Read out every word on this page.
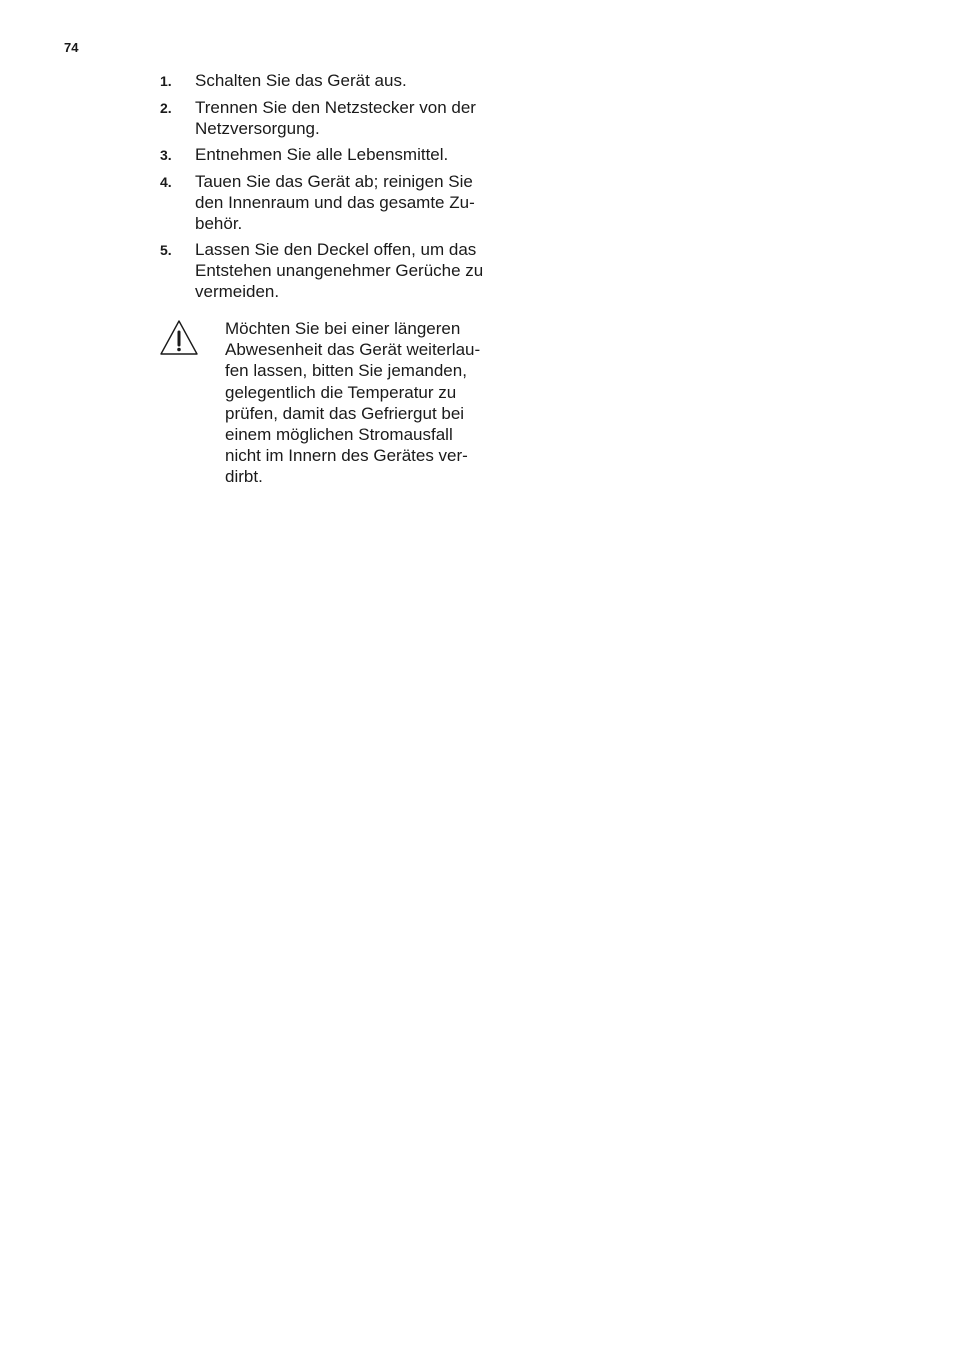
74
1.	Schalten Sie das Gerät aus.
2.	Trennen Sie den Netzstecker von der
Netzversorgung.
3.	Entnehmen Sie alle Lebensmittel.
4.	Tauen Sie das Gerät ab; reinigen Sie
den Innenraum und das gesamte Zu-
behör.
5.	Lassen Sie den Deckel offen, um das
Entstehen unangenehmer Gerüche zu
vermeiden.

Möchten Sie bei einer längeren
Abwesenheit das Gerät weiterlau-
fen lassen, bitten Sie jemanden,
gelegentlich die Temperatur zu
prüfen, damit das Gefriergut bei
einem möglichen Stromausfall
nicht im Innern des Gerätes ver-
dirbt.
